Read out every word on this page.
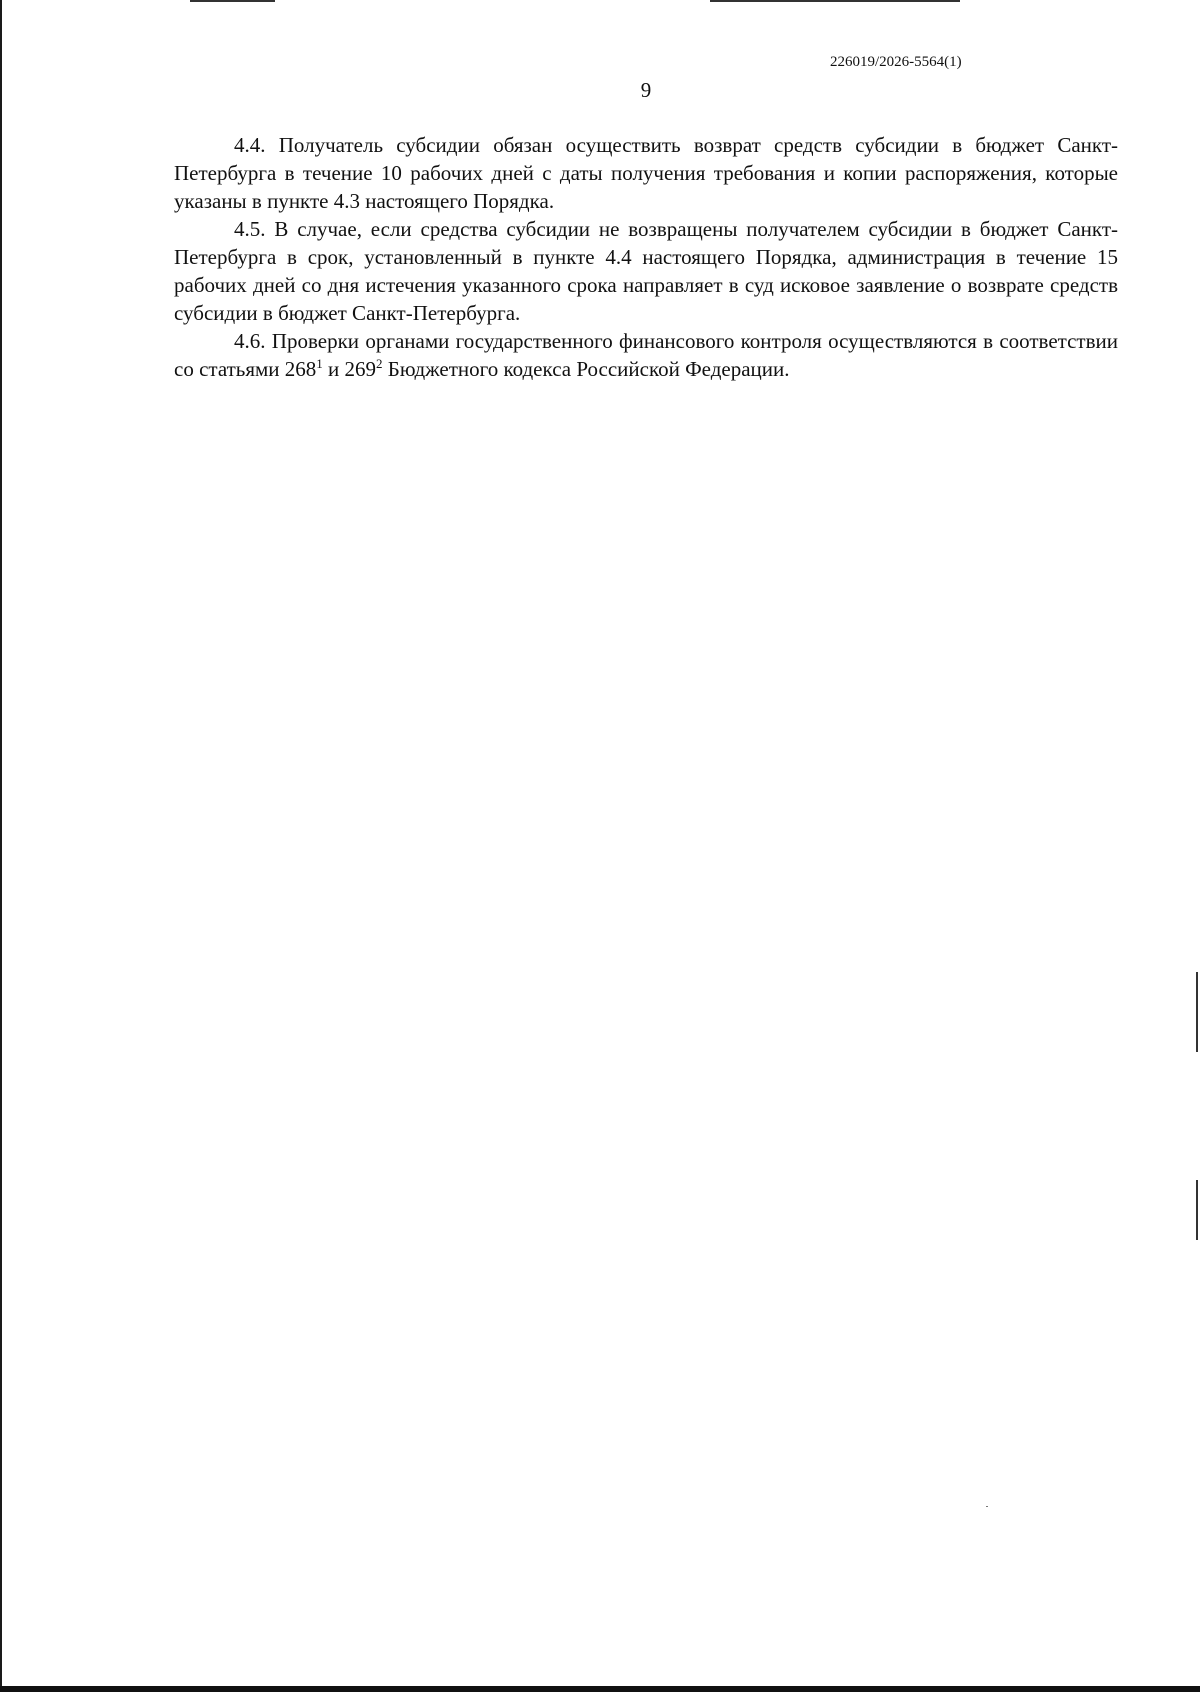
226019/2026-5564(1)
9

4.4. Получатель субсидии обязан осуществить возврат средств субсидии в бюджет Санкт-Петербурга в течение 10 рабочих дней с даты получения требования и копии распоряжения, которые указаны в пункте 4.3 настоящего Порядка.

4.5. В случае, если средства субсидии не возвращены получателем субсидии в бюджет Санкт-Петербурга в срок, установленный в пункте 4.4 настоящего Порядка, администрация в течение 15 рабочих дней со дня истечения указанного срока направляет в суд исковое заявление о возврате средств субсидии в бюджет Санкт-Петербурга.

4.6. Проверки органами государственного финансового контроля осуществляются в соответствии со статьями $268^1$ и $269^2$ Бюджетного кодекса Российской Федерации.
